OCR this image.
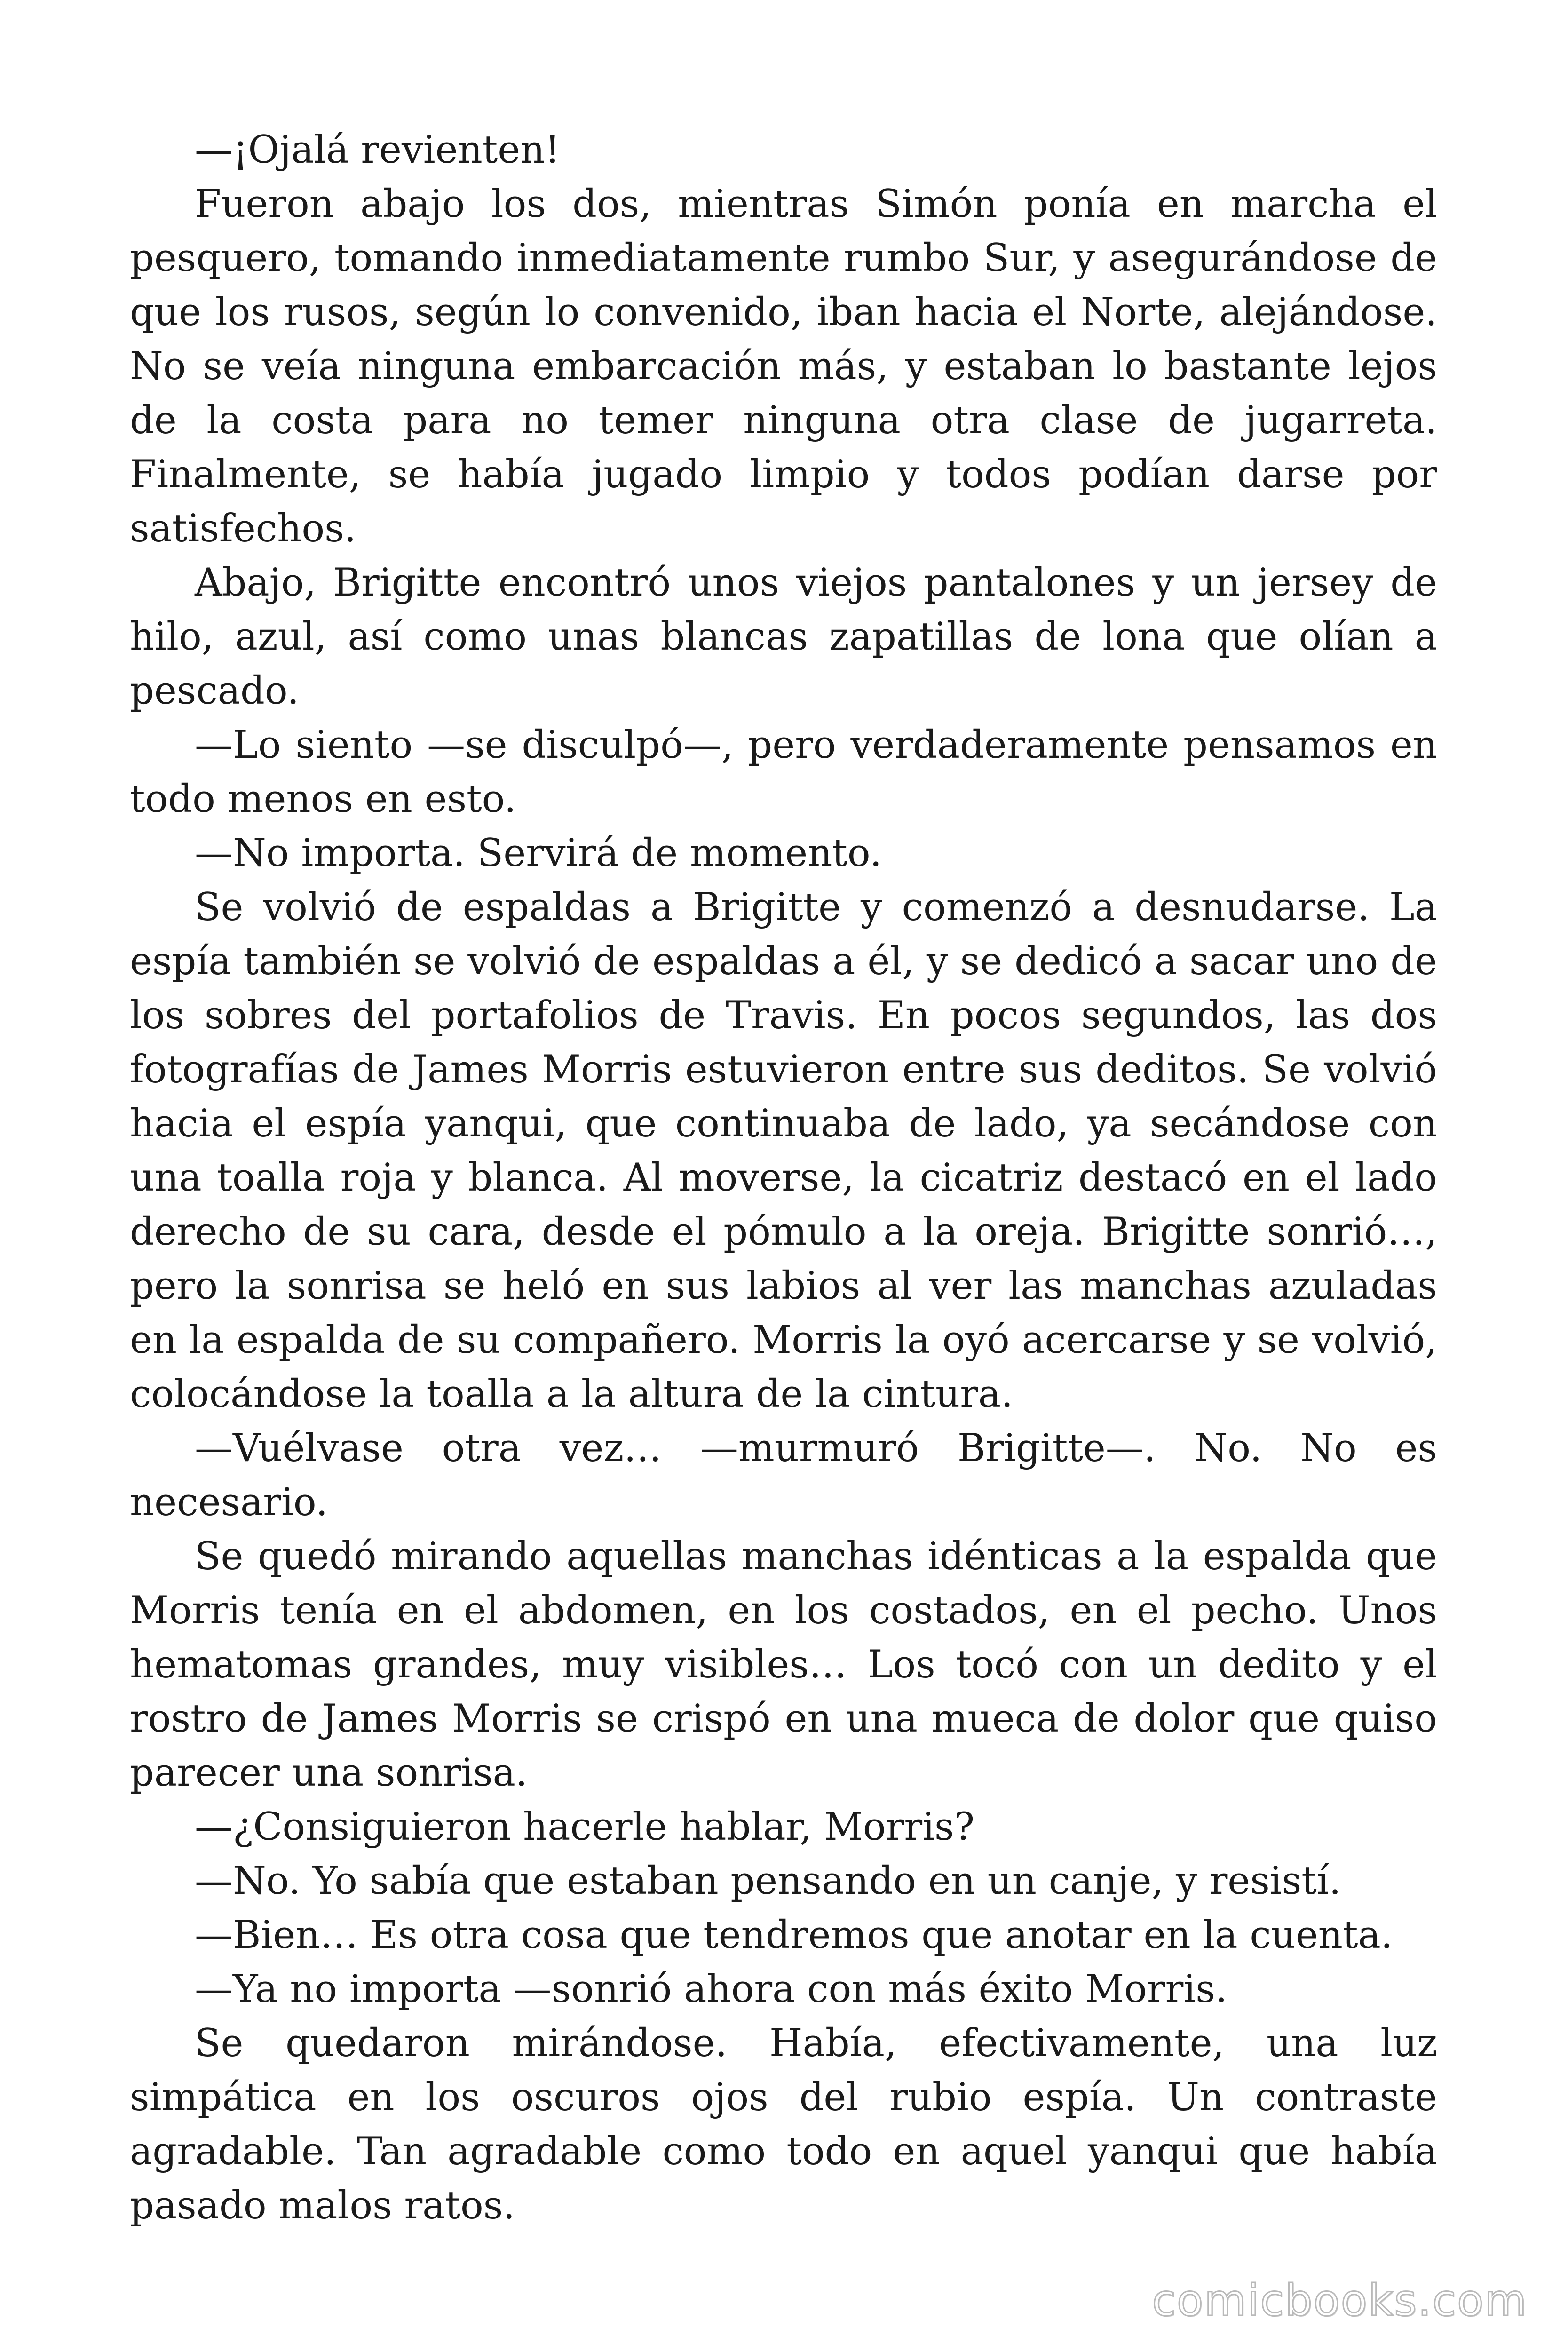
—¡Ojalá revienten!

Fueron abajo los dos, mientras Simón ponía en marcha el pesquero, tomando inmediatamente rumbo Sur, y asegurándose de que los rusos, según lo convenido, iban hacia el Norte, alejándose. No se veía ninguna embarcación más, y estaban lo bastante lejos de la costa para no temer ninguna otra clase de jugarreta. Finalmente, se había jugado limpio y todos podían darse por satisfechos.

Abajo, Brigitte encontró unos viejos pantalones y un jersey de hilo, azul, así como unas blancas zapatillas de lona que olían a pescado.

—Lo siento —se disculpó—, pero verdaderamente pensamos en todo menos en esto.

—No importa. Servirá de momento.

Se volvió de espaldas a Brigitte y comenzó a desnudarse. La espía también se volvió de espaldas a él, y se dedicó a sacar uno de los sobres del portafolios de Travis. En pocos segundos, las dos fotografías de James Morris estuvieron entre sus deditos. Se volvió hacia el espía yanqui, que continuaba de lado, ya secándose con una toalla roja y blanca. Al moverse, la cicatriz destacó en el lado derecho de su cara, desde el pómulo a la oreja. Brigitte sonrió…, pero la sonrisa se heló en sus labios al ver las manchas azuladas en la espalda de su compañero. Morris la oyó acercarse y se volvió, colocándose la toalla a la altura de la cintura.

—Vuélvase otra vez… —murmuró Brigitte—. No. No es necesario.

Se quedó mirando aquellas manchas idénticas a la espalda que Morris tenía en el abdomen, en los costados, en el pecho. Unos hematomas grandes, muy visibles… Los tocó con un dedito y el rostro de James Morris se crispó en una mueca de dolor que quiso parecer una sonrisa.

—¿Consiguieron hacerle hablar, Morris?

—No. Yo sabía que estaban pensando en un canje, y resistí.

—Bien… Es otra cosa que tendremos que anotar en la cuenta.

—Ya no importa —sonrió ahora con más éxito Morris.

Se quedaron mirándose. Había, efectivamente, una luz simpática en los oscuros ojos del rubio espía. Un contraste agradable. Tan agradable como todo en aquel yanqui que había pasado malos ratos.

comicbooks.com
